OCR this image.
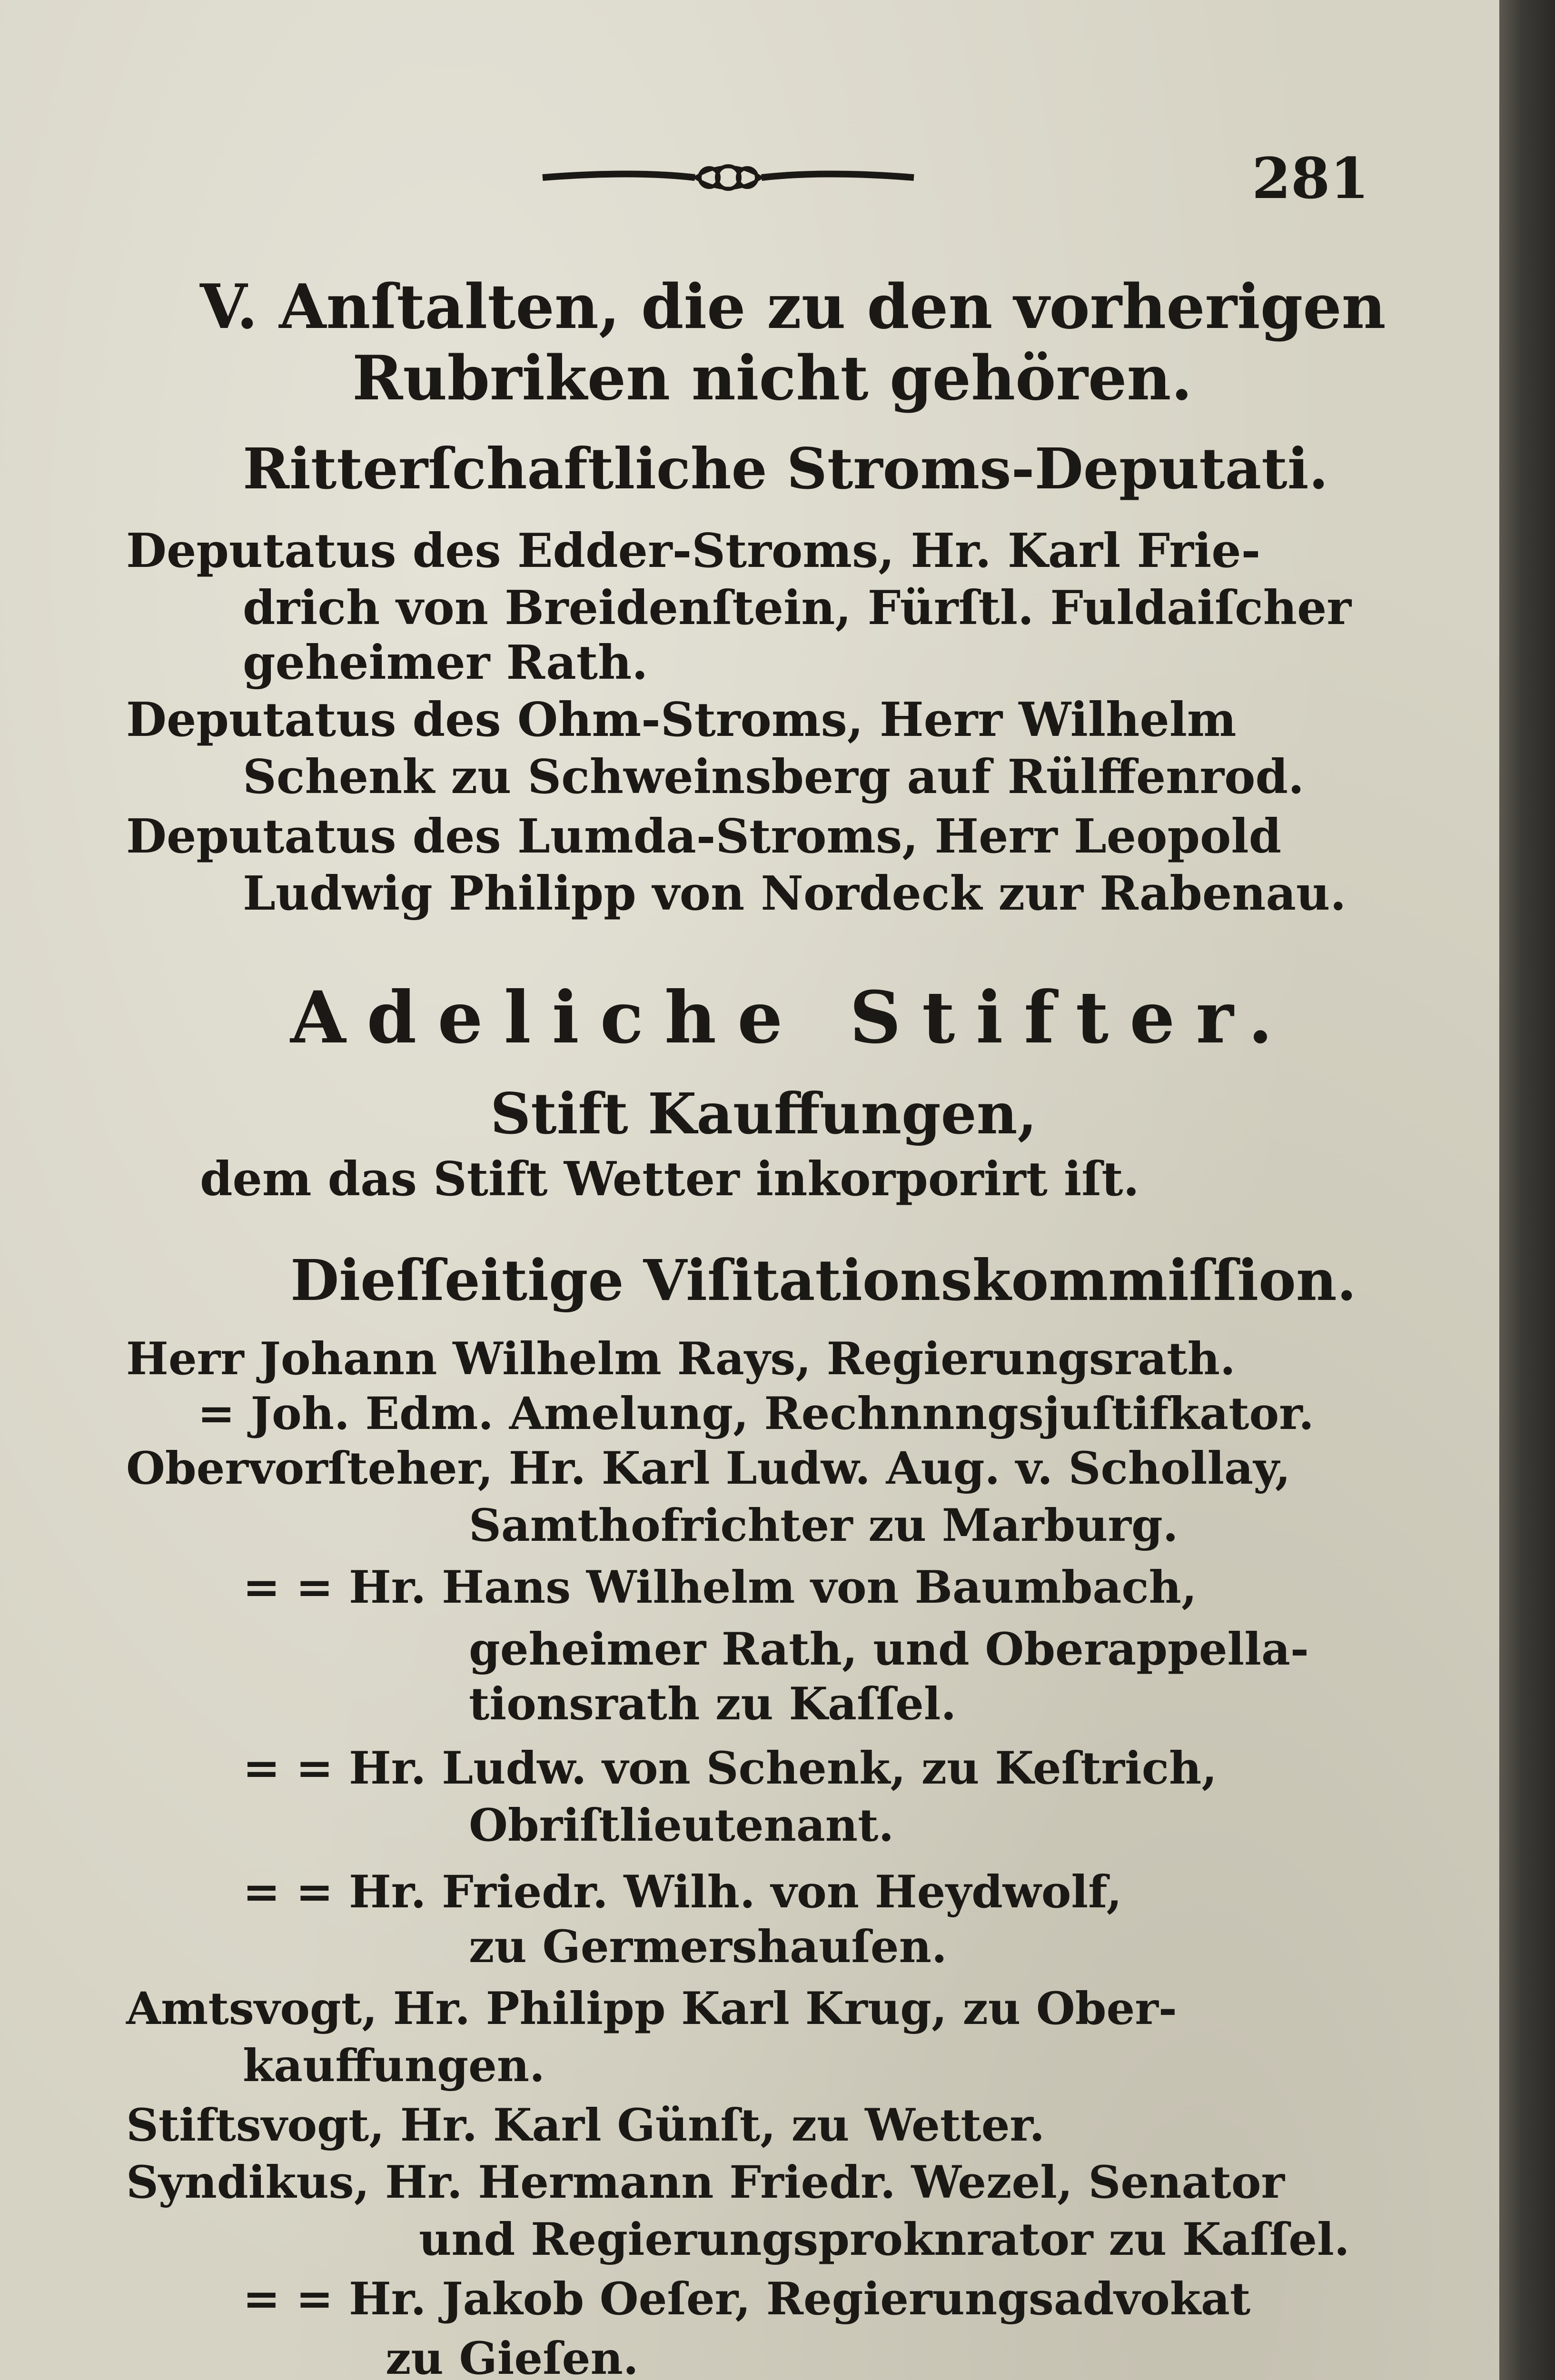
281
V. Anſtalten, die zu den vorherigen
Rubriken nicht gehören.
Ritterſchaftliche Stroms-Deputati.
Deputatus des Edder-Stroms, Hr. Karl Frie-
drich von Breidenſtein, Fürſtl. Fuldaiſcher
geheimer Rath.
Deputatus des Ohm-Stroms, Herr Wilhelm
Schenk zu Schweinsberg auf Rülffenrod.
Deputatus des Lumda-Stroms, Herr Leopold
Ludwig Philipp von Nordeck zur Rabenau.
Adeliche Stifter.
Stift Kauffungen,
dem das Stift Wetter inkorporirt iſt.
Dieſſeitige Viſitationskommiſſion.
Herr Johann Wilhelm Rays, Regierungsrath.
= Joh. Edm. Amelung, Rechnnngsjuſtifkator.
Obervorſteher, Hr. Karl Ludw. Aug. v. Schollay,
Samthofrichter zu Marburg.
= = Hr. Hans Wilhelm von Baumbach,
geheimer Rath, und Oberappella-
tionsrath zu Kaſſel.
= = Hr. Ludw. von Schenk, zu Keſtrich,
Obriſtlieutenant.
= = Hr. Friedr. Wilh. von Heydwolf,
zu Germershauſen.
Amtsvogt, Hr. Philipp Karl Krug, zu Ober-
kauffungen.
Stiftsvogt, Hr. Karl Günſt, zu Wetter.
Syndikus, Hr. Hermann Friedr. Wezel, Senator
und Regierungsproknrator zu Kaſſel.
= = Hr. Jakob Oeſer, Regierungsadvokat
zu Gieſen.
